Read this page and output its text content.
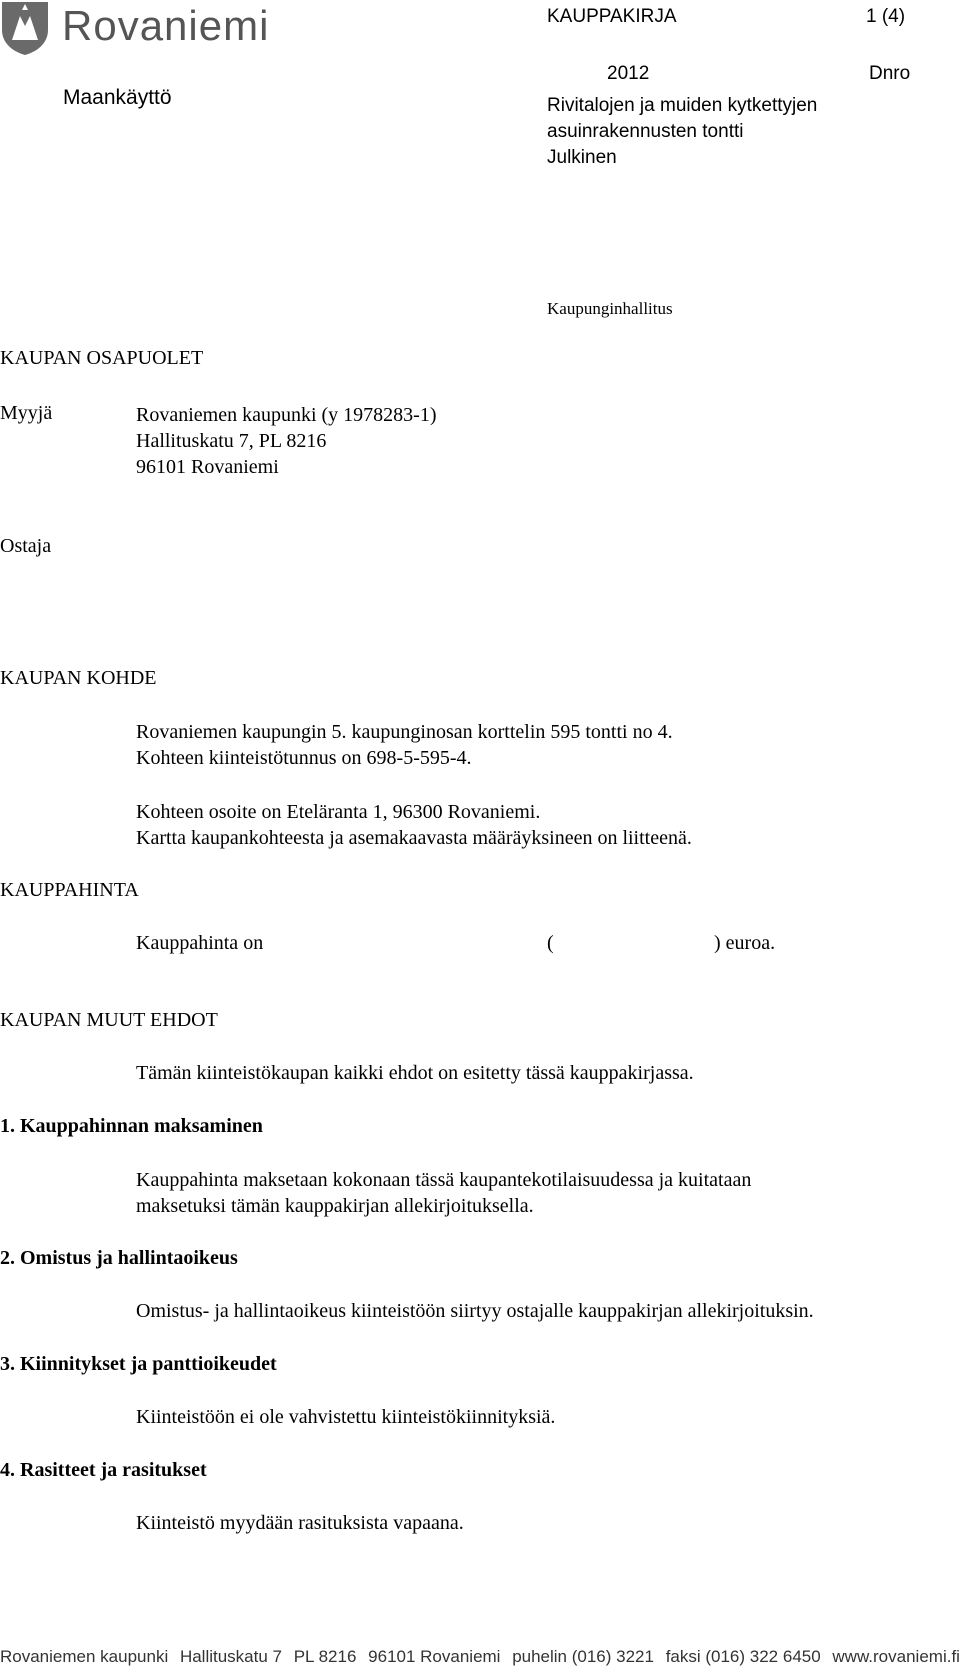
Rovaniemi	KAUPPAKIRJA	1 (4)
Maankäyttö
2012	Dnro
Rivitalojen ja muiden kytkettyjen
asuinrakennusten tontti
Julkinen
Kaupunginhallitus
KAUPAN OSAPUOLET
Myyjä	Rovaniemen kaupunki (y 1978283-1)
Hallituskatu 7, PL 8216
96101 Rovaniemi
Ostaja
KAUPAN KOHDE
Rovaniemen kaupungin 5. kaupunginosan korttelin 595 tontti no 4.
Kohteen kiinteistötunnus on 698-5-595-4.
Kohteen osoite on Eteläranta 1, 96300 Rovaniemi.
Kartta kaupankohteesta ja asemakaavasta määräyksineen on liitteenä.
KAUPPAHINTA
Kauppahinta on	(	) euroa.
KAUPAN MUUT EHDOT
Tämän kiinteistökaupan kaikki ehdot on esitetty tässä kauppakirjassa.
1. Kauppahinnan maksaminen
Kauppahinta maksetaan kokonaan tässä kaupantekotilaisuudessa ja kuitataan
maksetuksi tämän kauppakirjan allekirjoituksella.
2. Omistus ja hallintaoikeus
Omistus- ja hallintaoikeus kiinteistöön siirtyy ostajalle kauppakirjan allekirjoituksin.
3. Kiinnitykset ja panttioikeudet
Kiinteistöön ei ole vahvistettu kiinteistökiinnityksiä.
4. Rasitteet ja rasitukset
Kiinteistö myydään rasituksista vapaana.
Rovaniemen kaupunki Hallituskatu 7 PL 8216 96101 Rovaniemi puhelin (016) 3221 faksi (016) 322 6450 www.rovaniemi.fi
